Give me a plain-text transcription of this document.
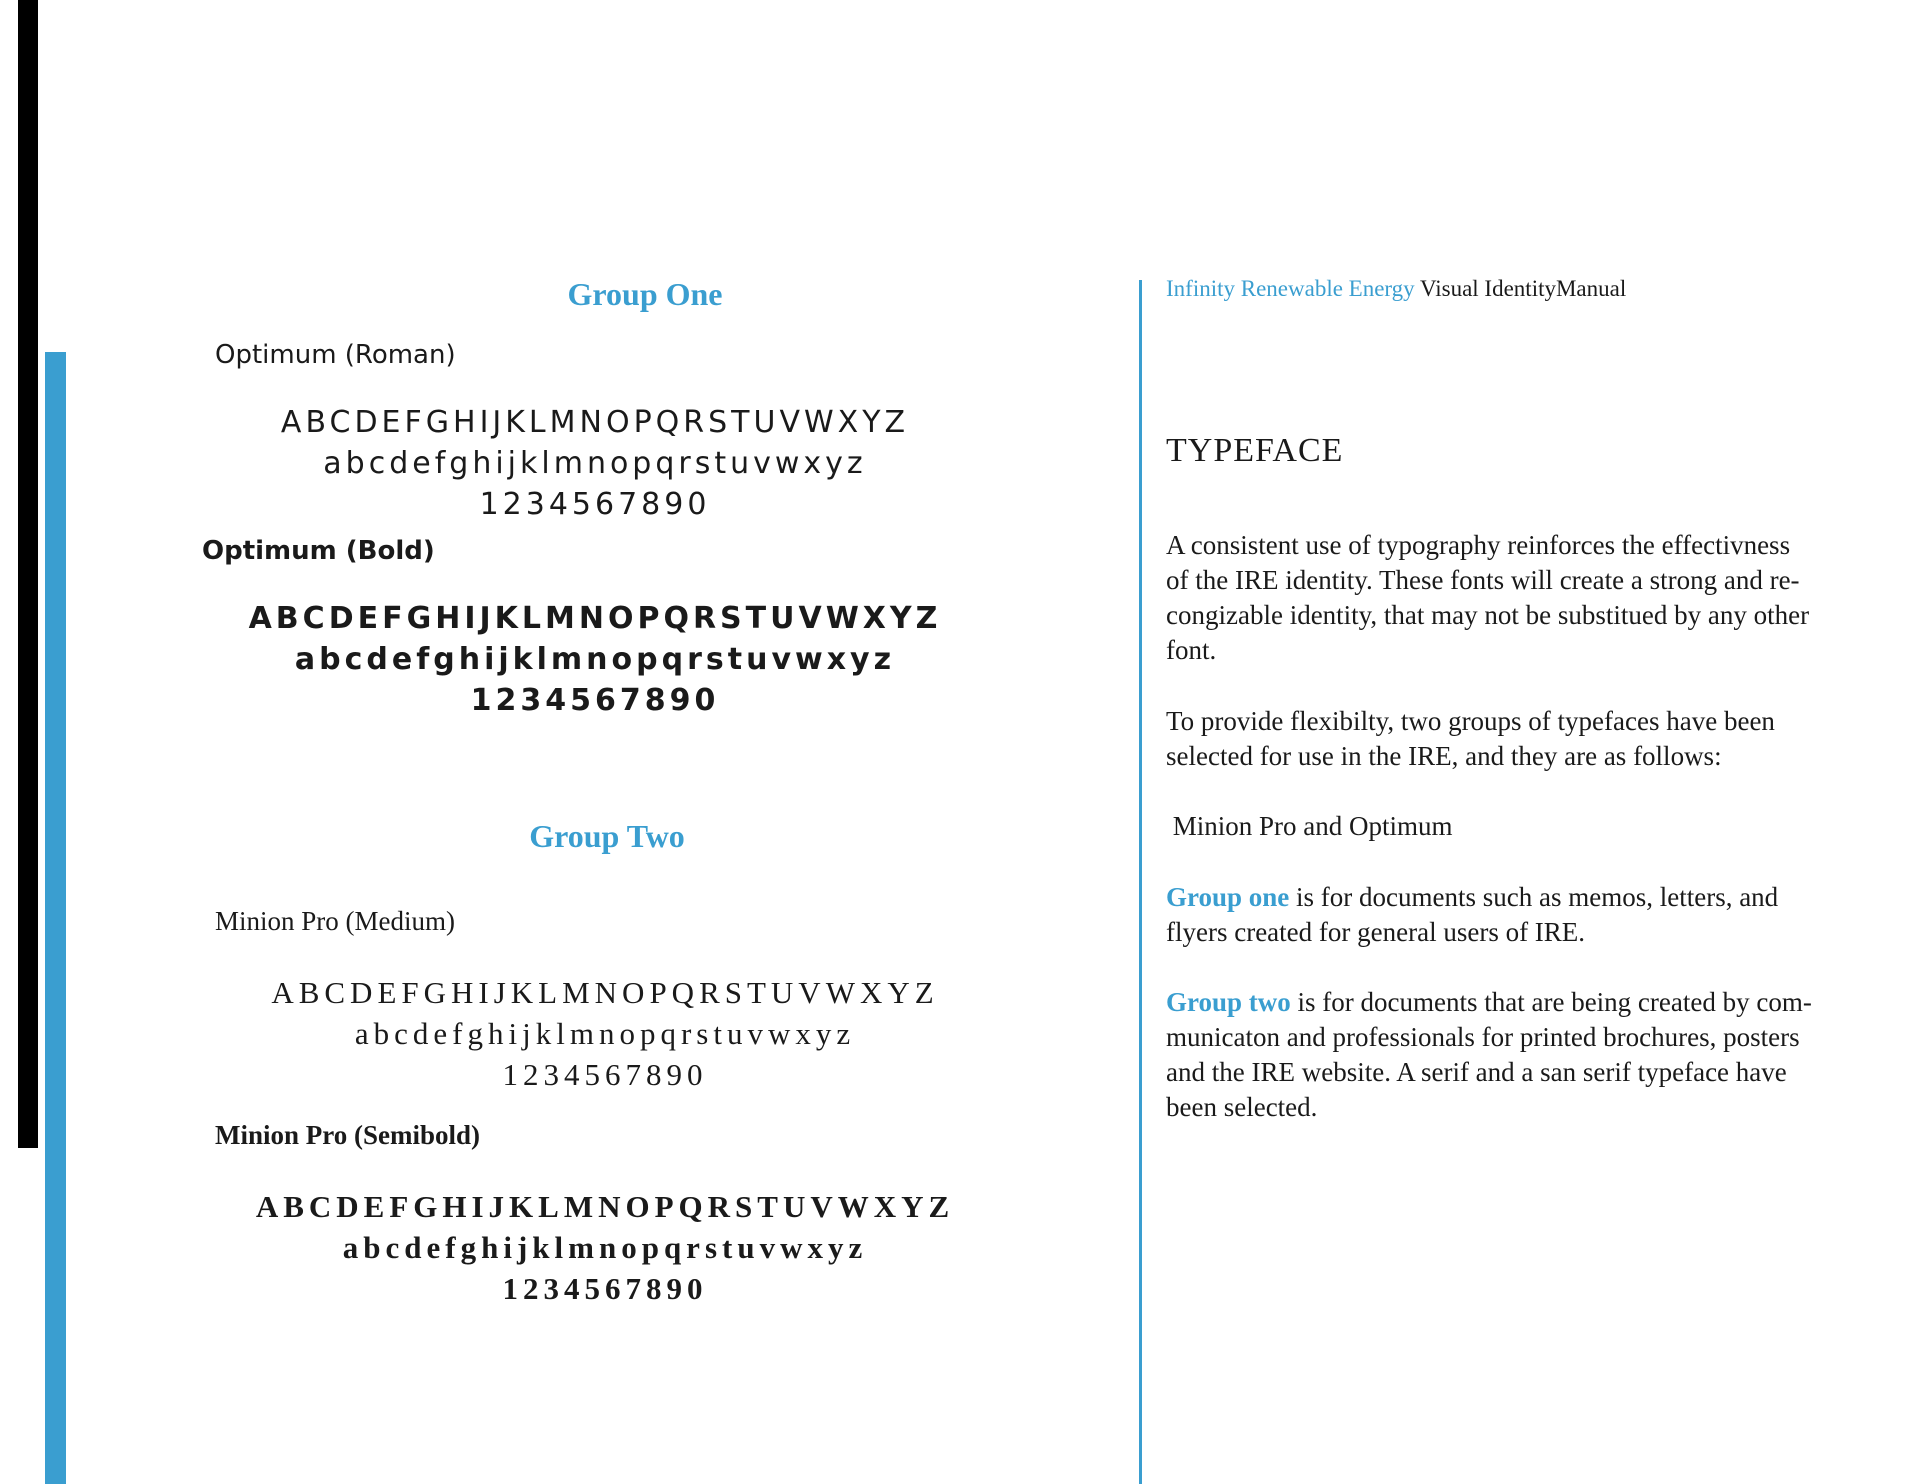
Group One

Optimum (Roman)

ABCDEFGHIJKLMNOPQRSTUVWXYZ
abcdefghijklmnopqrstuvwxyz
1234567890

Optimum (Bold)

ABCDEFGHIJKLMNOPQRSTUVWXYZ
abcdefghijklmnopqrstuvwxyz
1234567890
Group Two

Minion Pro (Medium)

ABCDEFGHIJKLMNOPQRSTUVWXYZ
abcdefghijklmnopqrstuvwxyz
1234567890

Minion Pro (Semibold)

ABCDEFGHIJKLMNOPQRSTUVWXYZ
abcdefghijklmnopqrstuvwxyz
1234567890
Infinity Renewable Energy Visual IdentityManual
TYPEFACE

A consistent use of typography reinforces the effectivness

of the IRE identity. These fonts will create a strong and re-

congizable identity, that may not be substitued by any other

font.

To provide flexibilty, two groups of typefaces have been

selected for use in the IRE, and they are as follows:

Minion Pro and Optimum

Group one is for documents such as memos, letters, and

flyers created for general users of IRE.

Group two is for documents that are being created by com-

municaton and professionals for printed brochures, posters

and the IRE website. A serif and a san serif typeface have

been selected.
